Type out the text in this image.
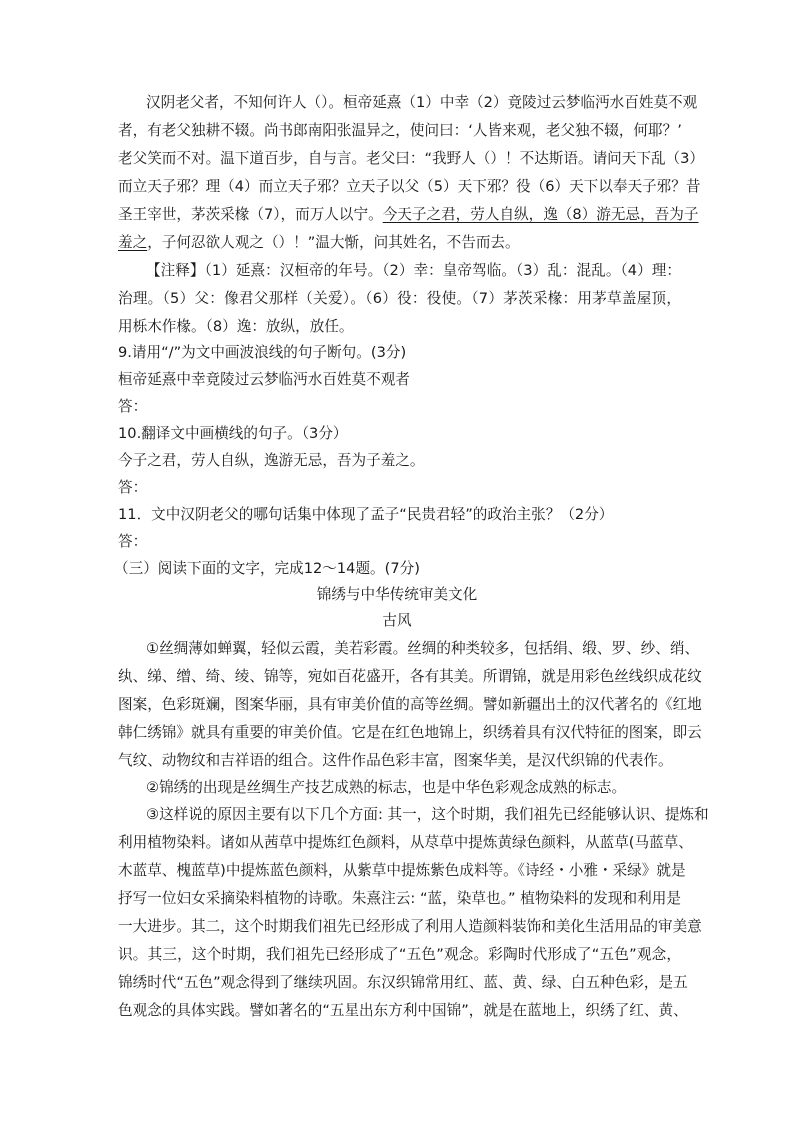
汉阴老父者，不知何许人（）。桓帝延熹（1）中幸（2）竟陵过云梦临沔水百姓莫不观
者，有老父独耕不辍。尚书郎南阳张温异之，使问曰：‘人皆来观，老父独不辍，何耶？’
老父笑而不对。温下道百步，自与言。老父曰：“我野人（）！不达斯语。请问天下乱（3）
而立天子邪？理（4）而立天子邪？立天子以父（5）天下邪？役（6）天下以奉天子邪？昔
圣王宰世，茅茨采椽（7），而万人以宁。今天子之君，劳人自纵，逸（8）游无忌，吾为子
羞之，子何忍欲人观之（）！”温大惭，问其姓名，不告而去。
【注释】（1）延熹：汉桓帝的年号。（2）幸：皇帝驾临。（3）乱：混乱。（4）理：
治理。（5）父：像君父那样（关爱）。（6）役：役使。（7）茅茨采椽：用茅草盖屋顶，
用栎木作椽。（8）逸：放纵，放任。
9.请用“/”为文中画波浪线的句子断句。(3分)
桓帝延熹中幸竟陵过云梦临沔水百姓莫不观者
答：
10.翻译文中画横线的句子。（3分）
今子之君，劳人自纵，逸游无忌，吾为子羞之。
答：
11．文中汉阴老父的哪句话集中体现了孟子“民贵君轻”的政治主张？（2分）
答：
（三）阅读下面的文字，完成12～14题。(7分)
锦绣与中华传统审美文化
古风
①丝绸薄如蝉翼，轻似云霞，美若彩霞。丝绸的种类较多，包括绢、缎、罗、纱、绡、
纨、绨、缯、绮、绫、锦等，宛如百花盛开，各有其美。所谓锦，就是用彩色丝线织成花纹
图案，色彩斑斓，图案华丽，具有审美价值的高等丝绸。譬如新疆出土的汉代著名的《红地
韩仁绣锦》就具有重要的审美价值。它是在红色地锦上，织绣着具有汉代特征的图案，即云
气纹、动物纹和吉祥语的组合。这件作品色彩丰富，图案华美，是汉代织锦的代表作。
②锦绣的出现是丝绸生产技艺成熟的标志，也是中华色彩观念成熟的标志。
③这样说的原因主要有以下几个方面: 其一，这个时期，我们祖先已经能够认识、提炼和
利用植物染料。诸如从茜草中提炼红色颜料，从荩草中提炼黄绿色颜料，从蓝草(马蓝草、
木蓝草、槐蓝草)中提炼蓝色颜料，从紫草中提炼紫色成料等。《诗经・小雅・采绿》就是
抒写一位妇女采摘染料植物的诗歌。朱熹注云: “蓝，染草也。” 植物染料的发现和利用是
一大进步。其二，这个时期我们祖先已经形成了利用人造颜料装饰和美化生活用品的审美意
识。其三，这个时期，我们祖先已经形成了“五色”观念。彩陶时代形成了“五色”观念，
锦绣时代“五色”观念得到了继续巩固。东汉织锦常用红、蓝、黄、绿、白五种色彩，是五
色观念的具体实践。譬如著名的“五星出东方利中国锦”，就是在蓝地上，织绣了红、黄、
